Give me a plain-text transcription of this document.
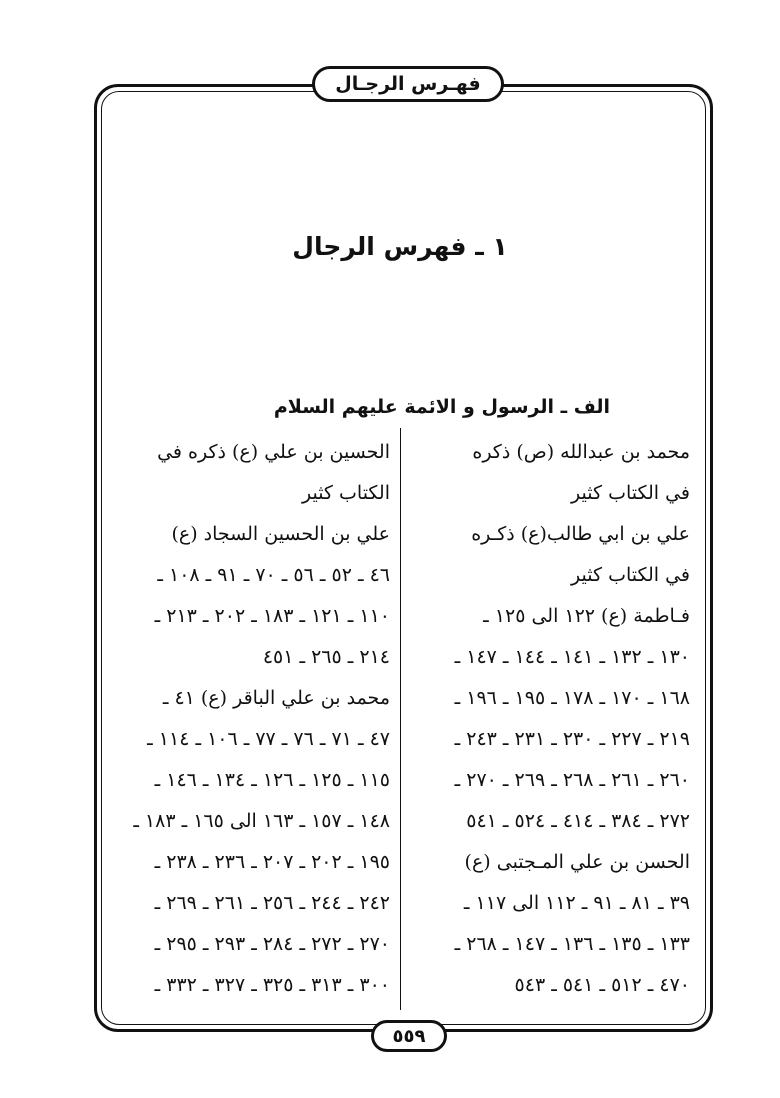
فهـرس الرجـال
١ ـ فهرس الرجال
الف ـ الرسول و الائمة عليهم السلام
محمد بن عبدالله (ص) ذكره
في الكتاب كثير
علي بن ابي طالب(ع) ذكـره
في الكتاب كثير
فـاطمة (ع) ١٢٢ الى ١٢٥ ـ
١٣٠ ـ ١٣٢ ـ ١٤١ ـ ١٤٤ ـ ١٤٧ ـ
١٦٨ ـ ١٧٠ ـ ١٧٨ ـ ١٩٥ ـ ١٩٦ ـ
٢١٩ ـ ٢٢٧ ـ ٢٣٠ ـ ٢٣١ ـ ٢٤٣ ـ
٢٦٠ ـ ٢٦١ ـ ٢٦٨ ـ ٢٦٩ ـ ٢٧٠ ـ
٢٧٢ ـ ٣٨٤ ـ ٤١٤ ـ ٥٢٤ ـ ٥٤١
الحسن بن علي المـجتبى (ع)
٣٩ ـ ٨١ ـ ٩١ ـ ١١٢ الى ١١٧ ـ
١٣٣ ـ ١٣٥ ـ ١٣٦ ـ ١٤٧ ـ ٢٦٨ ـ
٤٧٠ ـ ٥١٢ ـ ٥٤١ ـ ٥٤٣
الحسين بن علي (ع) ذكره في
الكتاب كثير
علي بن الحسين السجاد (ع)
٤٦ ـ ٥٢ ـ ٥٦ ـ ٧٠ ـ ٩١ ـ ١٠٨ ـ
١١٠ ـ ١٢١ ـ ١٨٣ ـ ٢٠٢ ـ ٢١٣ ـ
٢١٤ ـ ٢٦٥ ـ ٤٥١
محمد بن علي الباقر (ع) ٤١ ـ
٤٧ ـ ٧١ ـ ٧٦ ـ ٧٧ ـ ١٠٦ ـ ١١٤ ـ
١١٥ ـ ١٢٥ ـ ١٢٦ ـ ١٣٤ ـ ١٤٦ ـ
١٤٨ ـ ١٥٧ ـ ١٦٣ الى ١٦٥ ـ ١٨٣ ـ
١٩٥ ـ ٢٠٢ ـ ٢٠٧ ـ ٢٣٦ ـ ٢٣٨ ـ
٢٤٢ ـ ٢٤٤ ـ ٢٥٦ ـ ٢٦١ ـ ٢٦٩ ـ
٢٧٠ ـ ٢٧٢ ـ ٢٨٤ ـ ٢٩٣ ـ ٢٩٥ ـ
٣٠٠ ـ ٣١٣ ـ ٣٢٥ ـ ٣٢٧ ـ ٣٣٢ ـ
٥٥٩
